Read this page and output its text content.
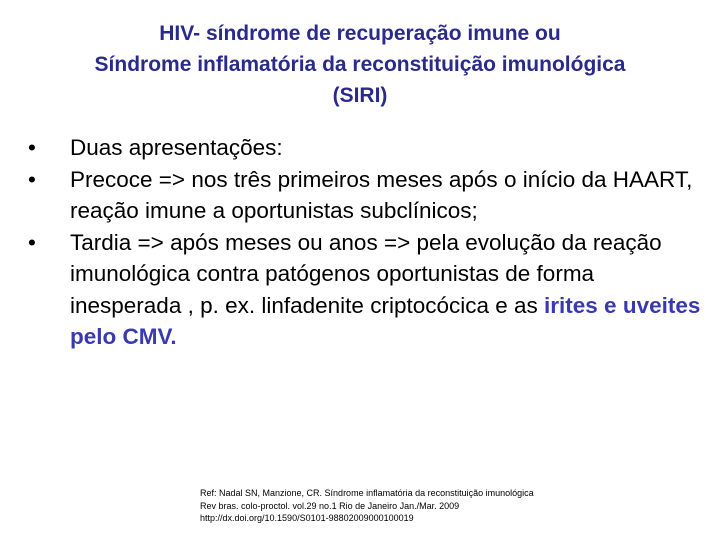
HIV- síndrome de recuperação imune ou
Síndrome inflamatória da reconstituição imunológica
(SIRI)
• Duas apresentações:
• Precoce => nos três primeiros meses após o início da HAART, reação imune a oportunistas subclínicos;
• Tardia => após meses ou anos => pela evolução da reação imunológica contra patógenos oportunistas de forma inesperada , p. ex. linfadenite criptocócica e as irites e uveites pelo CMV.
Ref: Nadal SN, Manzione, CR. Síndrome inflamatória da reconstituição imunológica
Rev bras. colo-proctol. vol.29 no.1 Rio de Janeiro Jan./Mar. 2009
http://dx.doi.org/10.1590/S0101-98802009000100019
